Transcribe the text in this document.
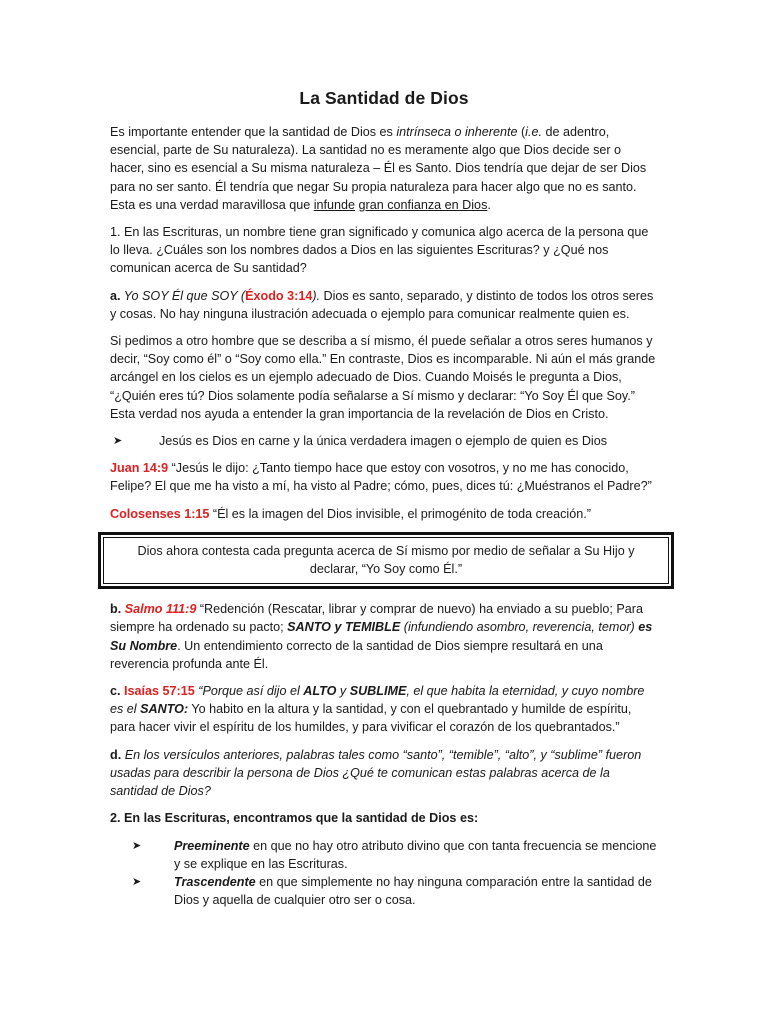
La Santidad de Dios

Es importante entender que la santidad de Dios es intrínseca o inherente (i.e. de adentro, esencial, parte de Su naturaleza). La santidad no es meramente algo que Dios decide ser o hacer, sino es esencial a Su misma naturaleza – Él es Santo. Dios tendría que dejar de ser Dios para no ser santo. Él tendría que negar Su propia naturaleza para hacer algo que no es santo. Esta es una verdad maravillosa que infunde gran confianza en Dios.

1. En las Escrituras, un nombre tiene gran significado y comunica algo acerca de la persona que lo lleva. ¿Cuáles son los nombres dados a Dios en las siguientes Escrituras? y ¿Qué nos comunican acerca de Su santidad?

a. Yo SOY Él que SOY (Éxodo 3:14). Dios es santo, separado, y distinto de todos los otros seres y cosas. No hay ninguna ilustración adecuada o ejemplo para comunicar realmente quien es.

Si pedimos a otro hombre que se describa a sí mismo, él puede señalar a otros seres humanos y decir, “Soy como él” o “Soy como ella.” En contraste, Dios es incomparable. Ni aún el más grande arcángel en los cielos es un ejemplo adecuado de Dios. Cuando Moisés le pregunta a Dios, “¿Quién eres tú? Dios solamente podía señalarse a Sí mismo y declarar: “Yo Soy Él que Soy.” Esta verdad nos ayuda a entender la gran importancia de la revelación de Dios en Cristo.

➤	Jesús es Dios en carne y la única verdadera imagen o ejemplo de quien es Dios

Juan 14:9 “Jesús le dijo: ¿Tanto tiempo hace que estoy con vosotros, y no me has conocido, Felipe? El que me ha visto a mí, ha visto al Padre; cómo, pues, dices tú: ¿Muéstranos el Padre?”

Colosenses 1:15 “Él es la imagen del Dios invisible, el primogénito de toda creación.”

Dios ahora contesta cada pregunta acerca de Sí mismo por medio de señalar a Su Hijo y declarar, “Yo Soy como Él.”

b. Salmo 111:9 “Redención (Rescatar, librar y comprar de nuevo) ha enviado a su pueblo; Para siempre ha ordenado su pacto; SANTO y TEMIBLE (infundiendo asombro, reverencia, temor) es Su Nombre. Un entendimiento correcto de la santidad de Dios siempre resultará en una reverencia profunda ante Él.

c. Isaías 57:15 “Porque así dijo el ALTO y SUBLIME, el que habita la eternidad, y cuyo nombre es el SANTO: Yo habito en la altura y la santidad, y con el quebrantado y humilde de espíritu, para hacer vivir el espíritu de los humildes, y para vivificar el corazón de los quebrantados.”

d. En los versículos anteriores, palabras tales como “santo”, “temible”, “alto”, y “sublime” fueron usadas para describir la persona de Dios ¿Qué te comunican estas palabras acerca de la santidad de Dios?

2. En las Escrituras, encontramos que la santidad de Dios es:

➤	Preeminente en que no hay otro atributo divino que con tanta frecuencia se mencione y se explique en las Escrituras.
➤	Trascendente en que simplemente no hay ninguna comparación entre la santidad de Dios y aquella de cualquier otro ser o cosa.
